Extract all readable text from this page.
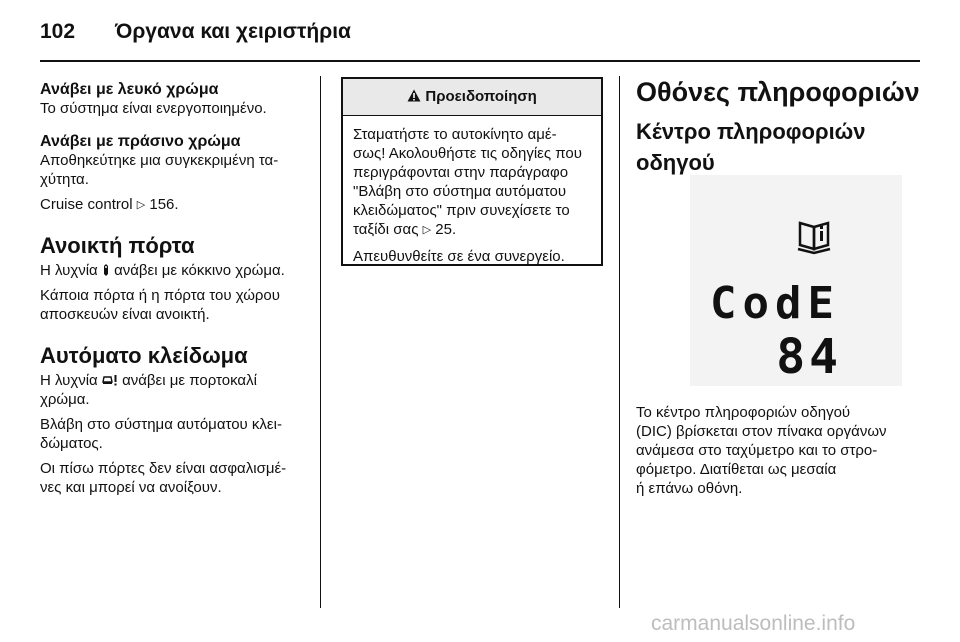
102 Όργανα και χειριστήρια
Ανάβει με λευκό χρώμα

Το σύστημα είναι ενεργοποιημένο.

Ανάβει με πράσινο χρώμα

Αποθηκεύτηκε μια συγκεκριμένη τα-

χύτητα.

Cruise control ▷ 156.

Ανοικτή πόρτα

Η λυχνία ανάβει με κόκκινο χρώμα.

Κάποια πόρτα ή η πόρτα του χώρου

αποσκευών είναι ανοικτή.

Αυτόματο κλείδωμα

Η λυχνία ανάβει με πορτοκαλί

χρώμα.

Βλάβη στο σύστημα αυτόματου κλει-

δώματος.

Οι πίσω πόρτες δεν είναι ασφαλισμέ-

νες και μπορεί να ανοίξουν.

Προειδοποίηση

Σταματήστε το αυτοκίνητο αμέ-

σως! Ακολουθήστε τις οδηγίες που

περιγράφονται στην παράγραφο

"Βλάβη στο σύστημα αυτόματου

κλειδώματος" πριν συνεχίσετε το

ταξίδι σας ▷ 25.

Απευθυνθείτε σε ένα συνεργείο.

Οθόνες πληροφοριών
Κέντρο πληροφοριών
οδηγού
CodE
84

Το κέντρο πληροφοριών οδηγού

(DIC) βρίσκεται στον πίνακα οργάνων

ανάμεσα στο ταχύμετρο και το στρο-

φόμετρο. Διατίθεται ως μεσαία

ή επάνω οθόνη.

carmanualsonline.info
